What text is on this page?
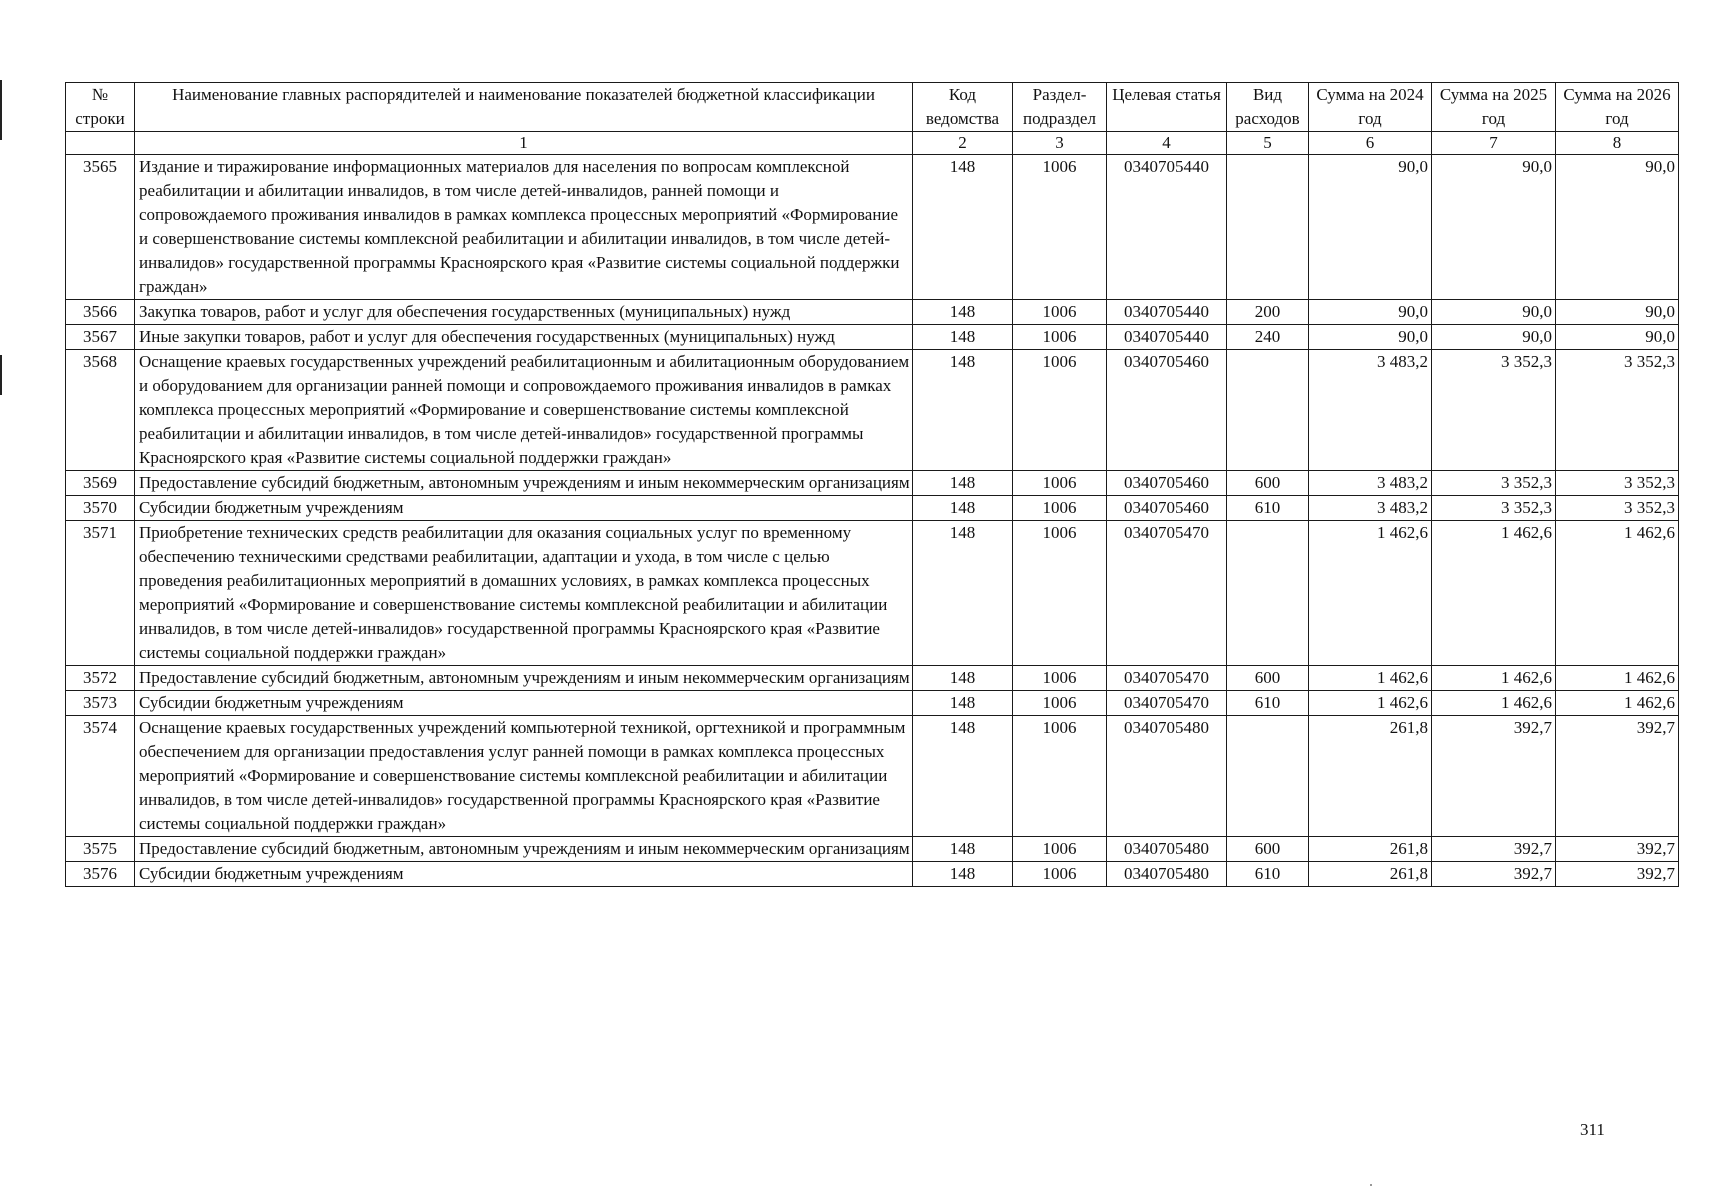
№ строки	Наименование главных распорядителей и наименование показателей бюджетной классификации	Код ведомства	Раздел-подраздел	Целевая статья	Вид расходов	Сумма на 2024 год	Сумма на 2025 год	Сумма на 2026 год
	1	2	3	4	5	6	7	8
3565	Издание и тиражирование информационных материалов для населения по вопросам комплексной реабилитации и абилитации инвалидов, в том числе детей-инвалидов, ранней помощи и сопровождаемого проживания инвалидов в рамках комплекса процессных мероприятий «Формирование и совершенствование системы комплексной реабилитации и абилитации инвалидов, в том числе детей-инвалидов» государственной программы Красноярского края «Развитие системы социальной поддержки граждан»	148	1006	0340705440		90,0	90,0	90,0
3566	Закупка товаров, работ и услуг для обеспечения государственных (муниципальных) нужд	148	1006	0340705440	200	90,0	90,0	90,0
3567	Иные закупки товаров, работ и услуг для обеспечения государственных (муниципальных) нужд	148	1006	0340705440	240	90,0	90,0	90,0
3568	Оснащение краевых государственных учреждений реабилитационным и абилитационным оборудованием и оборудованием для организации ранней помощи и сопровождаемого проживания инвалидов в рамках комплекса процессных мероприятий «Формирование и совершенствование системы комплексной реабилитации и абилитации инвалидов, в том числе детей-инвалидов» государственной программы Красноярского края «Развитие системы социальной поддержки граждан»	148	1006	0340705460		3 483,2	3 352,3	3 352,3
3569	Предоставление субсидий бюджетным, автономным учреждениям и иным некоммерческим организациям	148	1006	0340705460	600	3 483,2	3 352,3	3 352,3
3570	Субсидии бюджетным учреждениям	148	1006	0340705460	610	3 483,2	3 352,3	3 352,3
3571	Приобретение технических средств реабилитации для оказания социальных услуг по временному обеспечению техническими средствами реабилитации, адаптации и ухода, в том числе с целью проведения реабилитационных мероприятий в домашних условиях, в рамках комплекса процессных мероприятий «Формирование и совершенствование системы комплексной реабилитации и абилитации инвалидов, в том числе детей-инвалидов» государственной программы Красноярского края «Развитие системы социальной поддержки граждан»	148	1006	0340705470		1 462,6	1 462,6	1 462,6
3572	Предоставление субсидий бюджетным, автономным учреждениям и иным некоммерческим организациям	148	1006	0340705470	600	1 462,6	1 462,6	1 462,6
3573	Субсидии бюджетным учреждениям	148	1006	0340705470	610	1 462,6	1 462,6	1 462,6
3574	Оснащение краевых государственных учреждений компьютерной техникой, оргтехникой и программным обеспечением для организации предоставления услуг ранней помощи в рамках комплекса процессных мероприятий «Формирование и совершенствование системы комплексной реабилитации и абилитации инвалидов, в том числе детей-инвалидов» государственной программы Красноярского края «Развитие системы социальной поддержки граждан»	148	1006	0340705480		261,8	392,7	392,7
3575	Предоставление субсидий бюджетным, автономным учреждениям и иным некоммерческим организациям	148	1006	0340705480	600	261,8	392,7	392,7
3576	Субсидии бюджетным учреждениям	148	1006	0340705480	610	261,8	392,7	392,7
311
